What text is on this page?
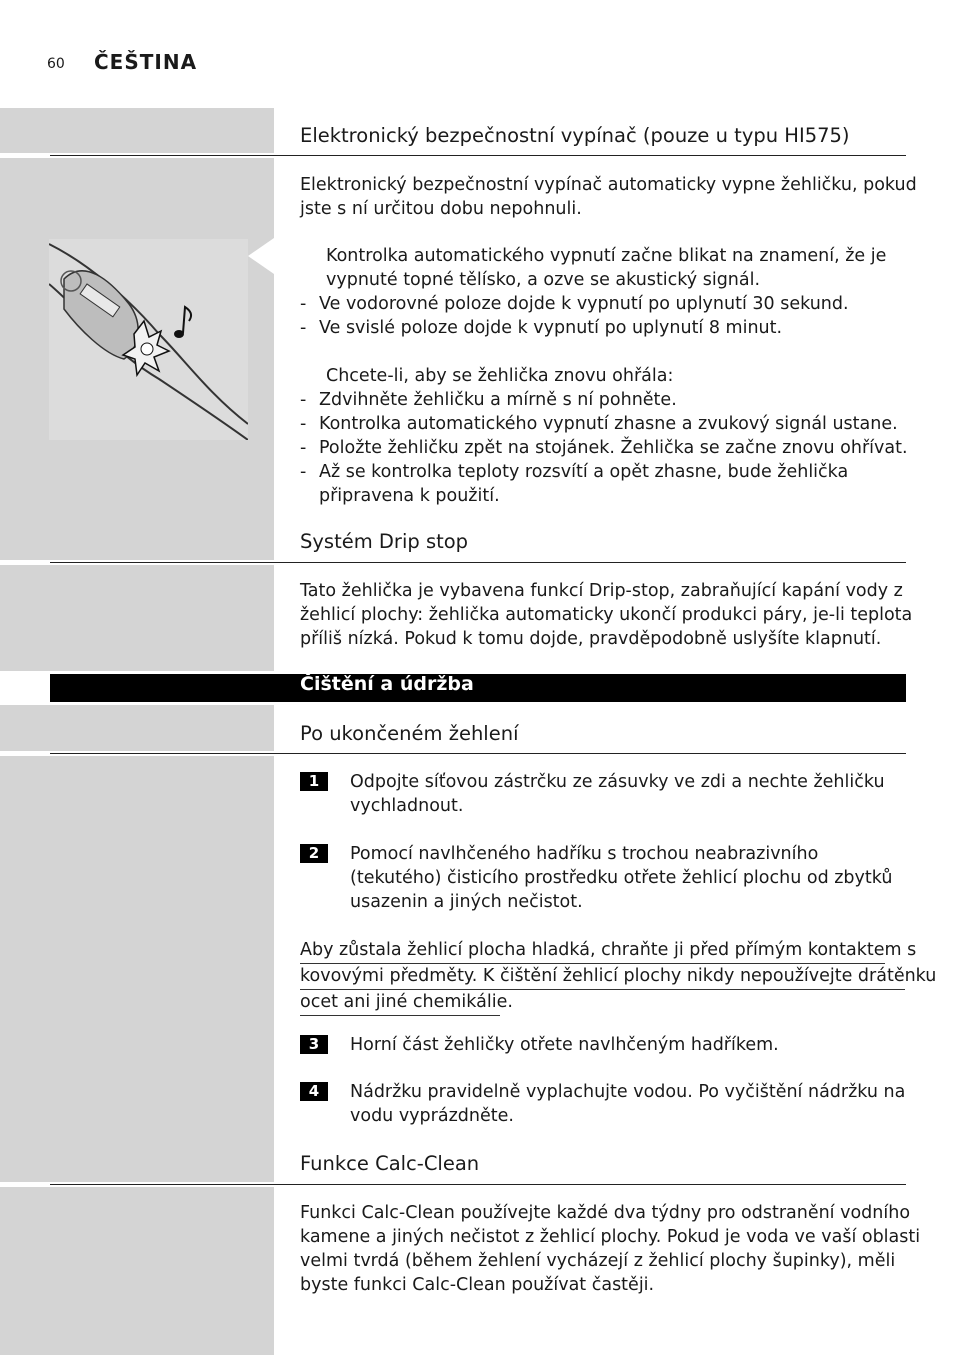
60 ČEŠTINA
Elektronický bezpečnostní vypínač (pouze u typu HI575)
Elektronický bezpečnostní vypínač automaticky vypne žehličku, pokud
jste s ní určitou dobu nepohnuli.
Kontrolka automatického vypnutí začne blikat na znamení, že je
vypnuté topné tělísko, a ozve se akustický signál.
- Ve vodorovné poloze dojde k vypnutí po uplynutí 30 sekund.
- Ve svislé poloze dojde k vypnutí po uplynutí 8 minut.
Chcete-li, aby se žehlička znovu ohřála:
- Zdvihněte žehličku a mírně s ní pohněte.
- Kontrolka automatického vypnutí zhasne a zvukový signál ustane.
- Položte žehličku zpět na stojánek. Žehlička se začne znovu ohřívat.
- Až se kontrolka teploty rozsvítí a opět zhasne, bude žehlička
připravena k použití.
Systém Drip stop
Tato žehlička je vybavena funkcí Drip-stop, zabraňující kapání vody z
žehlicí plochy: žehlička automaticky ukončí produkci páry, je-li teplota
příliš nízká. Pokud k tomu dojde, pravděpodobně uslyšíte klapnutí.
Čištění a údržba
Po ukončeném žehlení
1	Odpojte síťovou zástrčku ze zásuvky ve zdi a nechte žehličku
vychladnout.
2	Pomocí navlhčeného hadříku s trochou neabrazivního
(tekutého) čisticího prostředku otřete žehlicí plochu od zbytků
usazenin a jiných nečistot.
Aby zůstala žehlicí plocha hladká, chraňte ji před přímým kontaktem s
kovovými předměty. K čištění žehlicí plochy nikdy nepoužívejte drátěnku
ocet ani jiné chemikálie.
3	Horní část žehličky otřete navlhčeným hadříkem.
4	Nádržku pravidelně vyplachujte vodou. Po vyčištění nádržku na
vodu vyprázdněte.
Funkce Calc-Clean
Funkci Calc-Clean používejte každé dva týdny pro odstranění vodního
kamene a jiných nečistot z žehlicí plochy. Pokud je voda ve vaší oblasti
velmi tvrdá (během žehlení vycházejí z žehlicí plochy šupinky), měli
byste funkci Calc-Clean používat častěji.
